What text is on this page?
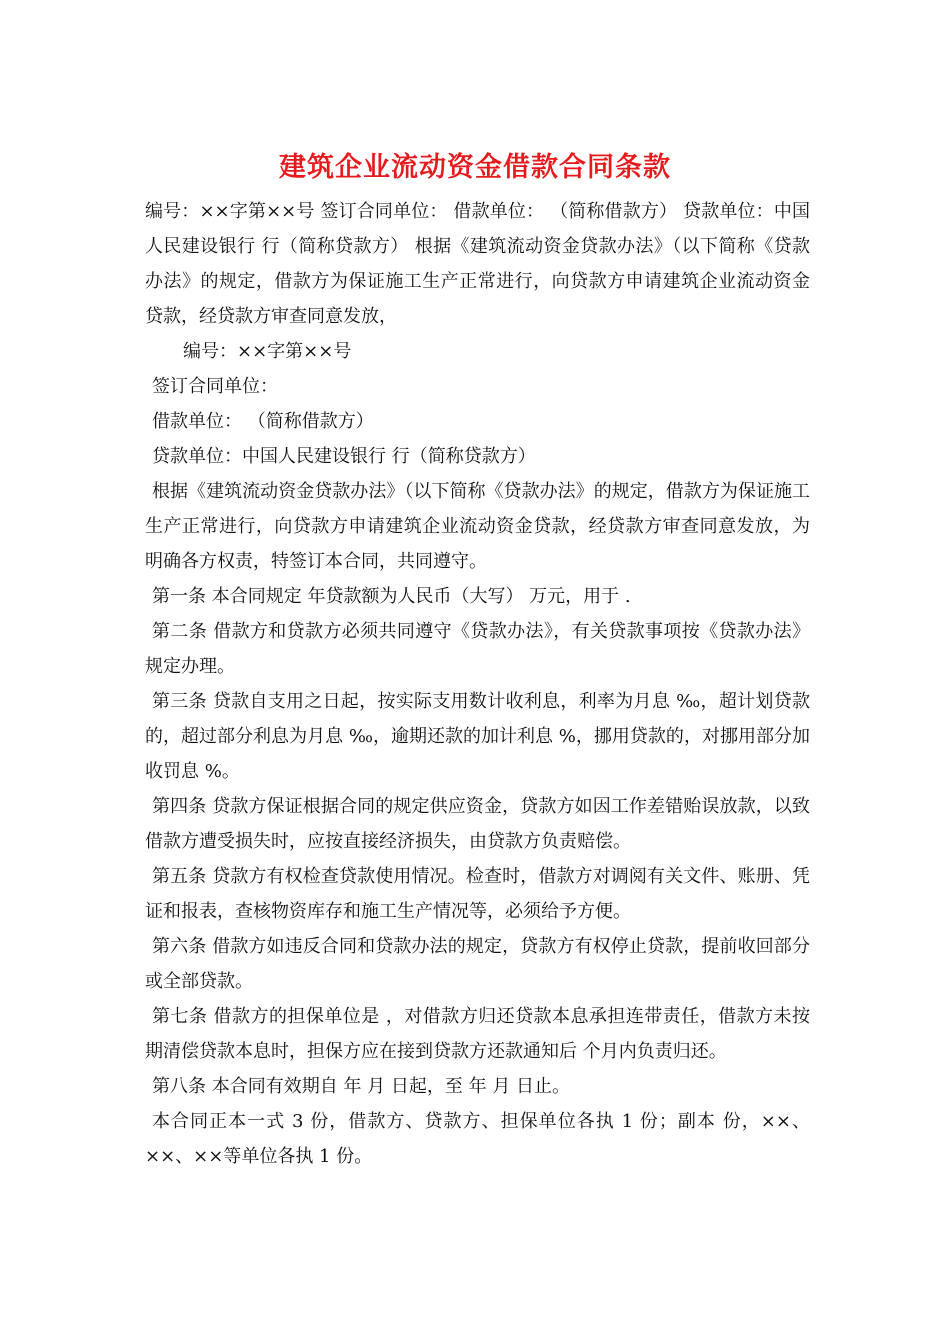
建筑企业流动资金借款合同条款

编号：××字第××号 签订合同单位： 借款单位： （简称借款方） 贷款单位：中国人民建设银行 行（简称贷款方） 根据《建筑流动资金贷款办法》（以下简称《贷款办法》的规定，借款方为保证施工生产正常进行，向贷款方申请建筑企业流动资金贷款，经贷款方审查同意发放，

编号：××字第××号

签订合同单位：

借款单位： （简称借款方）

贷款单位：中国人民建设银行 行（简称贷款方）

根据《建筑流动资金贷款办法》（以下简称《贷款办法》的规定，借款方为保证施工生产正常进行，向贷款方申请建筑企业流动资金贷款，经贷款方审查同意发放，为明确各方权责，特签订本合同，共同遵守。

第一条 本合同规定 年贷款额为人民币（大写） 万元，用于 .

第二条 借款方和贷款方必须共同遵守《贷款办法》，有关贷款事项按《贷款办法》规定办理。

第三条 贷款自支用之日起，按实际支用数计收利息，利率为月息 ‰，超计划贷款的，超过部分利息为月息 ‰，逾期还款的加计利息 %，挪用贷款的，对挪用部分加收罚息 %。

第四条 贷款方保证根据合同的规定供应资金，贷款方如因工作差错贻误放款，以致借款方遭受损失时，应按直接经济损失，由贷款方负责赔偿。

第五条 贷款方有权检查贷款使用情况。检查时，借款方对调阅有关文件、账册、凭证和报表，查核物资库存和施工生产情况等，必须给予方便。

第六条 借款方如违反合同和贷款办法的规定，贷款方有权停止贷款，提前收回部分或全部贷款。

第七条 借款方的担保单位是 ，对借款方归还贷款本息承担连带责任，借款方未按期清偿贷款本息时，担保方应在接到贷款方还款通知后 个月内负责归还。

第八条 本合同有效期自 年 月 日起，至 年 月 日止。

本合同正本一式 3 份，借款方、贷款方、担保单位各执 1 份；副本 份，××、××、××等单位各执 1 份。
